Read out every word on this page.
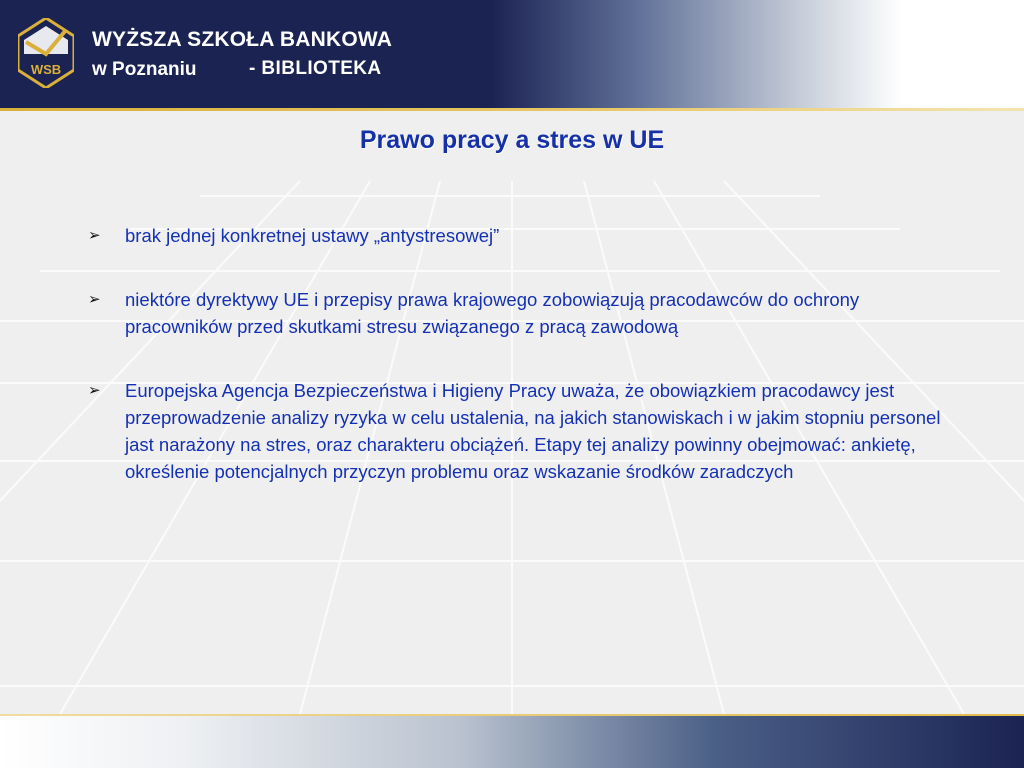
WSB
WYŻSZA SZKOŁA BANKOWA
w Poznaniu	- BIBLIOTEKA
Prawo pracy a stres w UE
➢ brak jednej konkretnej ustawy „antystresowej”
➢ niektóre dyrektywy UE i przepisy prawa krajowego zobowiązują pracodawców do ochrony pracowników przed skutkami stresu związanego z pracą zawodową
➢ Europejska Agencja Bezpieczeństwa i Higieny Pracy uważa, że obowiązkiem pracodawcy jest przeprowadzenie analizy ryzyka w celu ustalenia, na jakich stanowiskach i w jakim stopniu personel jast narażony na stres, oraz charakteru obciążeń. Etapy tej analizy powinny obejmować: ankietę, określenie potencjalnych przyczyn problemu oraz wskazanie środków zaradczych
